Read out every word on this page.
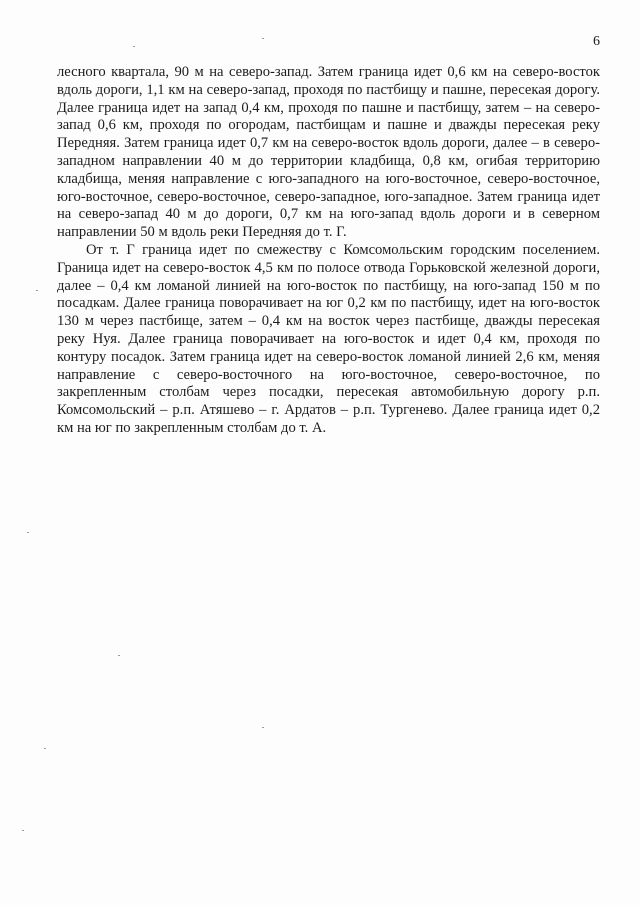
6

лесного квартала, 90 м на северо-запад. Затем граница идет 0,6 км на северо-восток вдоль дороги, 1,1 км на северо-запад, проходя по пастбищу и пашне, пересекая дорогу. Далее граница идет на запад 0,4 км, проходя по пашне и пастбищу, затем – на северо-запад 0,6 км, проходя по огородам, пастбищам и пашне и дважды пересекая реку Передняя. Затем граница идет 0,7 км на северо-восток вдоль дороги, далее – в северо-западном направлении 40 м до территории кладбища, 0,8 км, огибая территорию кладбища, меняя направление с юго-западного на юго-восточное, северо-восточное, юго-восточное, северо-восточное, северо-западное, юго-западное. Затем граница идет на северо-запад 40 м до дороги, 0,7 км на юго-запад вдоль дороги и в северном направлении 50 м вдоль реки Передняя до т. Г.

От т. Г граница идет по смежеству с Комсомольским городским поселением. Граница идет на северо-восток 4,5 км по полосе отвода Горьковской железной дороги, далее – 0,4 км ломаной линией на юго-восток по пастбищу, на юго-запад 150 м по посадкам. Далее граница поворачивает на юг 0,2 км по пастбищу, идет на юго-восток 130 м через пастбище, затем – 0,4 км на восток через пастбище, дважды пересекая реку Нуя. Далее граница поворачивает на юго-восток и идет 0,4 км, проходя по контуру посадок. Затем граница идет на северо-восток ломаной линией 2,6 км, меняя направление с северо-восточного на юго-восточное, северо-восточное, по закрепленным столбам через посадки, пересекая автомобильную дорогу р.п. Комсомольский – р.п. Атяшево – г. Ардатов – р.п. Тургенево. Далее граница идет 0,2 км на юг по закрепленным столбам до т. А.
